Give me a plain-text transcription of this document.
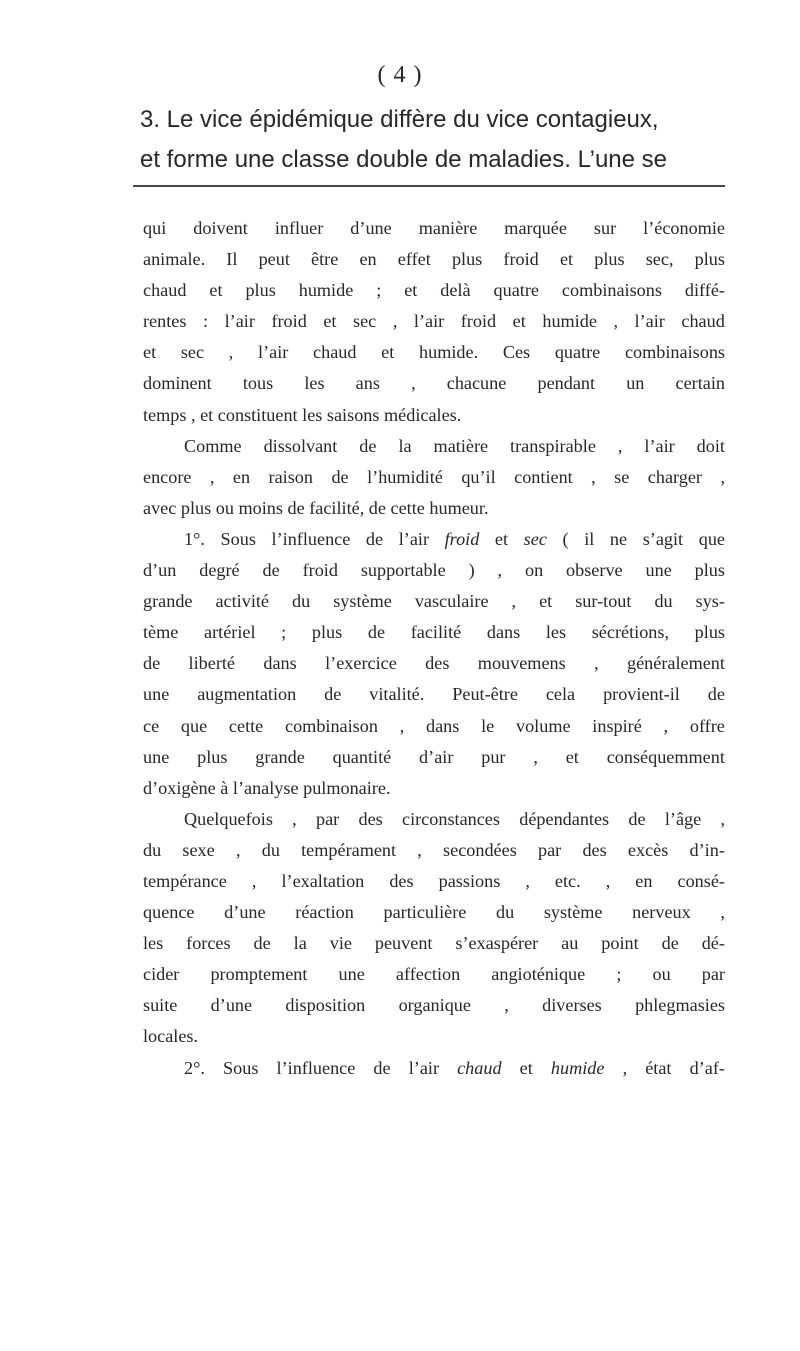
( 4 )
3. Le vice épidémique diffère du vice contagieux,
et forme une classe double de maladies. L’une se
qui doivent influer d’une manière marquée sur l’économie
animale. Il peut être en effet plus froid et plus sec, plus
chaud et plus humide ; et delà quatre combinaisons diffé-
rentes : l’air froid et sec , l’air froid et humide , l’air chaud
et sec , l’air chaud et humide. Ces quatre combinaisons
dominent tous les ans , chacune pendant un certain
temps
,
et
constituent
les
saisons
médicales.
Comme dissolvant de la matière transpirable , l’air doit
encore , en raison de l’humidité qu’il contient , se charger ,
avec
plus
ou
moins
de
facilité,
de
cette
humeur.
1°. Sous l’influence de l’air froid et sec ( il ne s’agit que
d’un degré de froid supportable ) , on observe une plus
grande activité du système vasculaire , et sur-tout du sys-
tème artériel ; plus de facilité dans les sécrétions, plus
de liberté dans l’exercice des mouvemens , généralement
une augmentation de vitalité. Peut-être cela provient-il de
ce que cette combinaison , dans le volume inspiré , offre
une plus grande quantité d’air pur , et conséquemment
d’oxigène
à
l’analyse
pulmonaire.
Quelquefois , par des circonstances dépendantes de l’âge ,
du sexe , du tempérament , secondées par des excès d’in-
tempérance , l’exaltation des passions , etc. , en consé-
quence d’une réaction particulière du système nerveux ,
les forces de la vie peuvent s’exaspérer au point de dé-
cider promptement une affection angioténique ; ou par
suite d’une disposition organique , diverses phlegmasies
locales.
2°. Sous l’influence de l’air chaud et humide , état d’af-
